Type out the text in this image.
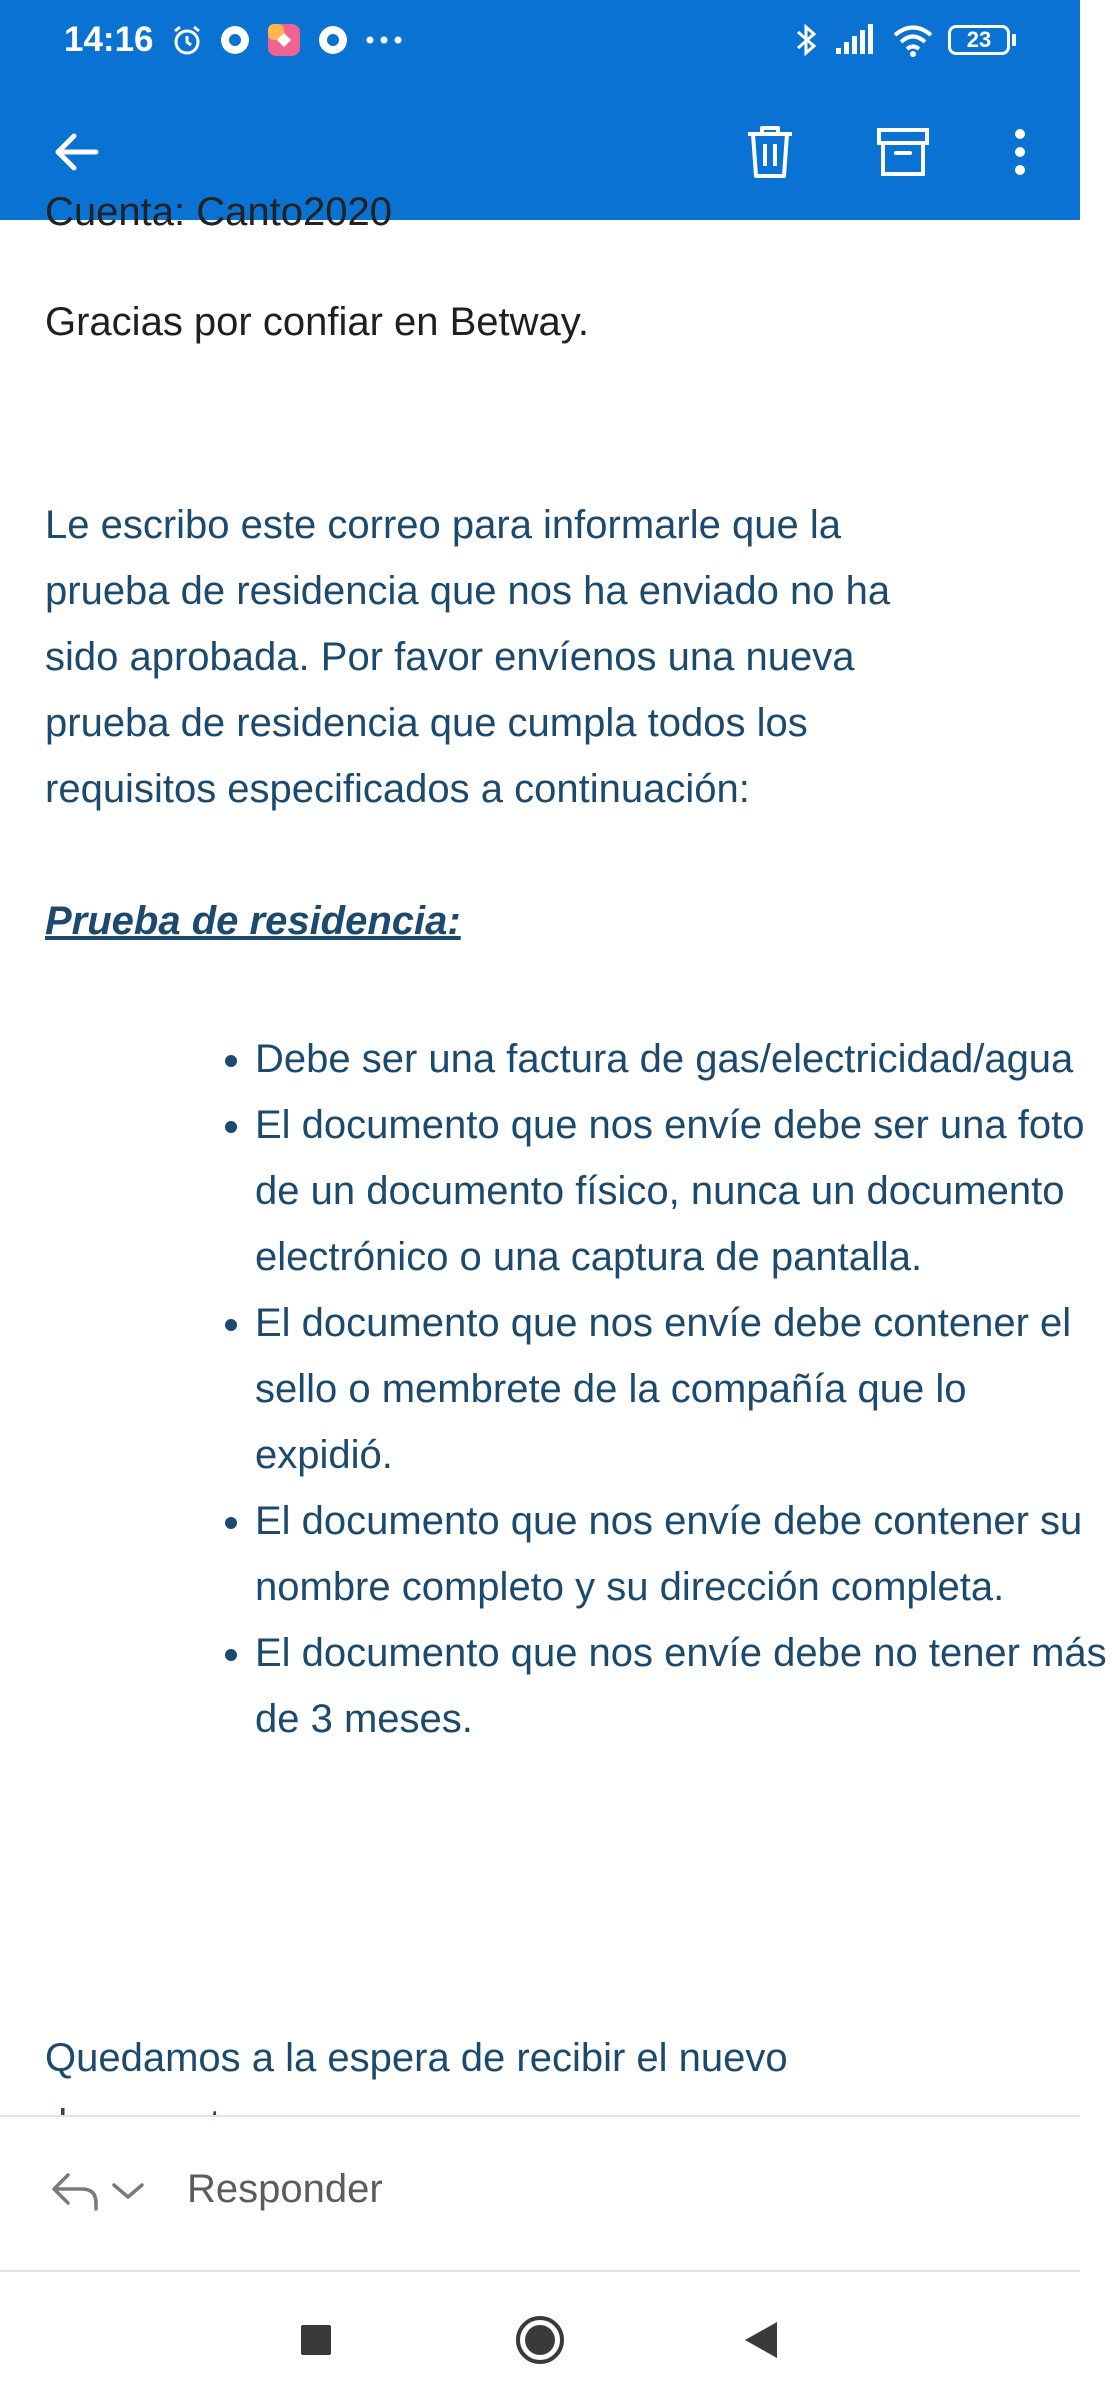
14:16	23
Cuenta: Canto2020
Gracias por confiar en Betway.
Le escribo este correo para informarle que la
prueba de residencia que nos ha enviado no ha
sido aprobada. Por favor envíenos una nueva
prueba de residencia que cumpla todos los
requisitos especificados a continuación:
Prueba de residencia:
• Debe ser una factura de gas/electricidad/agua
• El documento que nos envíe debe ser una foto de un documento físico, nunca un documento electrónico o una captura de pantalla.
• El documento que nos envíe debe contener el sello o membrete de la compañía que lo expidió.
• El documento que nos envíe debe contener su nombre completo y su dirección completa.
• El documento que nos envíe debe no tener más de 3 meses.
Quedamos a la espera de recibir el nuevo
Responder
